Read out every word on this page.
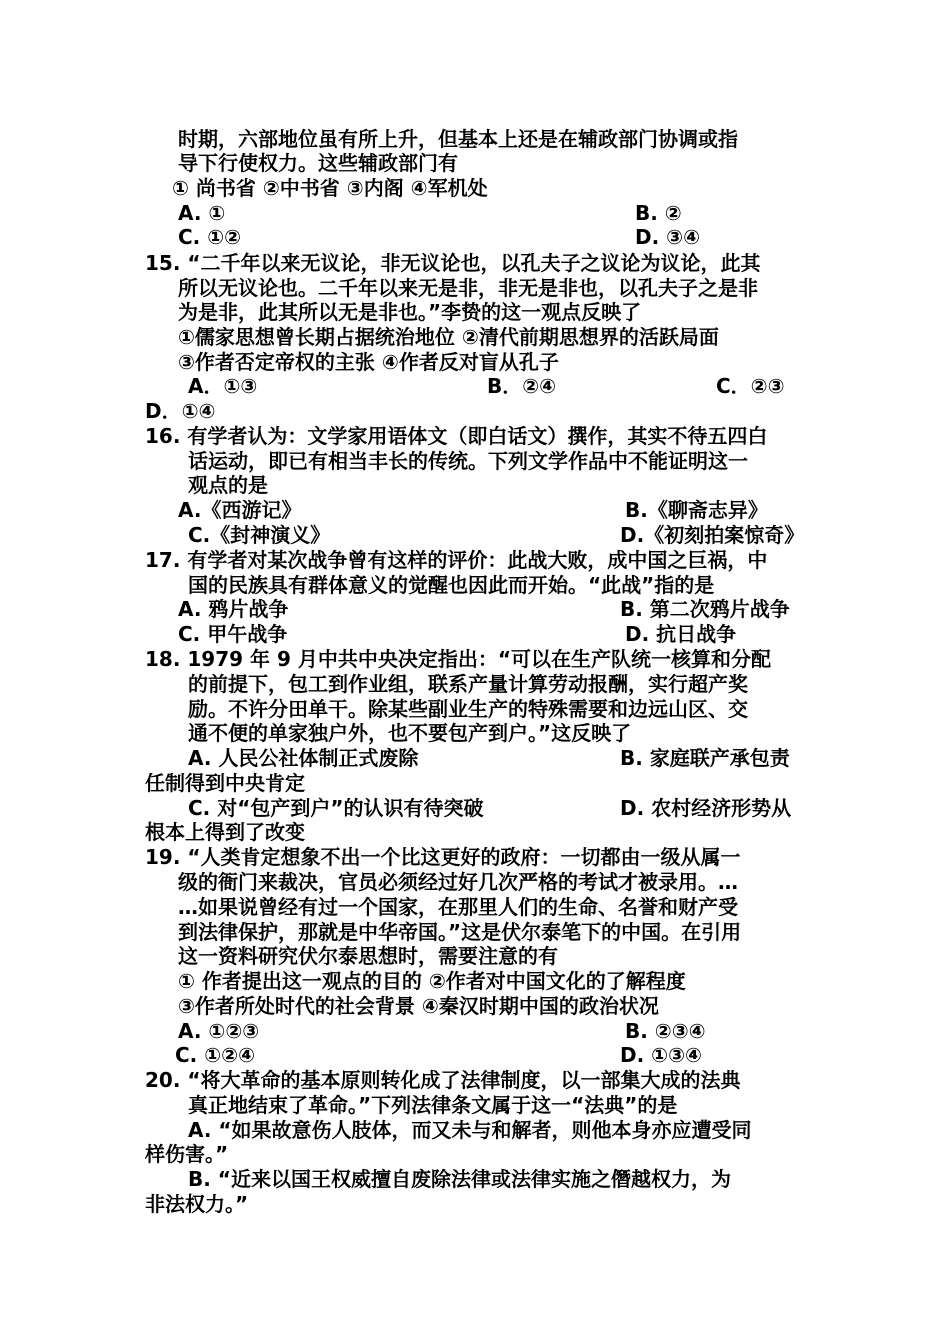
时期，六部地位虽有所上升，但基本上还是在辅政部门协调或指
导下行使权力。这些辅政部门有
① 尚书省 ②中书省 ③内阁 ④军机处
A. ①	B. ②
C. ①②	D. ③④
15. “二千年以来无议论，非无议论也，以孔夫子之议论为议论，此其
所以无议论也。二千年以来无是非，非无是非也，以孔夫子之是非
为是非，此其所以无是非也。”李贽的这一观点反映了
①儒家思想曾长期占据统治地位 ②清代前期思想界的活跃局面
③作者否定帝权的主张 ④作者反对盲从孔子
A．①③	B．②④	C．②③
D．①④
16. 有学者认为：文学家用语体文（即白话文）撰作，其实不待五四白
话运动，即已有相当丰长的传统。下列文学作品中不能证明这一
观点的是
A.《西游记》	B.《聊斋志异》
C.《封神演义》	D.《初刻拍案惊奇》
17. 有学者对某次战争曾有这样的评价：此战大败，成中国之巨祸，中
国的民族具有群体意义的觉醒也因此而开始。“此战”指的是
A. 鸦片战争	B. 第二次鸦片战争
C. 甲午战争	D. 抗日战争
18. 1979 年 9 月中共中央决定指出：“可以在生产队统一核算和分配
的前提下，包工到作业组，联系产量计算劳动报酬，实行超产奖
励。不许分田单干。除某些副业生产的特殊需要和边远山区、交
通不便的单家独户外，也不要包产到户。”这反映了
A. 人民公社体制正式废除	B. 家庭联产承包责
任制得到中央肯定
C. 对“包产到户”的认识有待突破	D. 农村经济形势从
根本上得到了改变
19. “人类肯定想象不出一个比这更好的政府：一切都由一级从属一
级的衙门来裁决，官员必须经过好几次严格的考试才被录用。…
…如果说曾经有过一个国家，在那里人们的生命、名誉和财产受
到法律保护，那就是中华帝国。”这是伏尔泰笔下的中国。在引用
这一资料研究伏尔泰思想时，需要注意的有
① 作者提出这一观点的目的 ②作者对中国文化的了解程度
③作者所处时代的社会背景 ④秦汉时期中国的政治状况
A. ①②③	B. ②③④
C. ①②④	D. ①③④
20. “将大革命的基本原则转化成了法律制度，以一部集大成的法典
真正地结束了革命。”下列法律条文属于这一“法典”的是
A. “如果故意伤人肢体，而又未与和解者，则他本身亦应遭受同
样伤害。”
B. “近来以国王权威擅自废除法律或法律实施之僭越权力，为
非法权力。”
